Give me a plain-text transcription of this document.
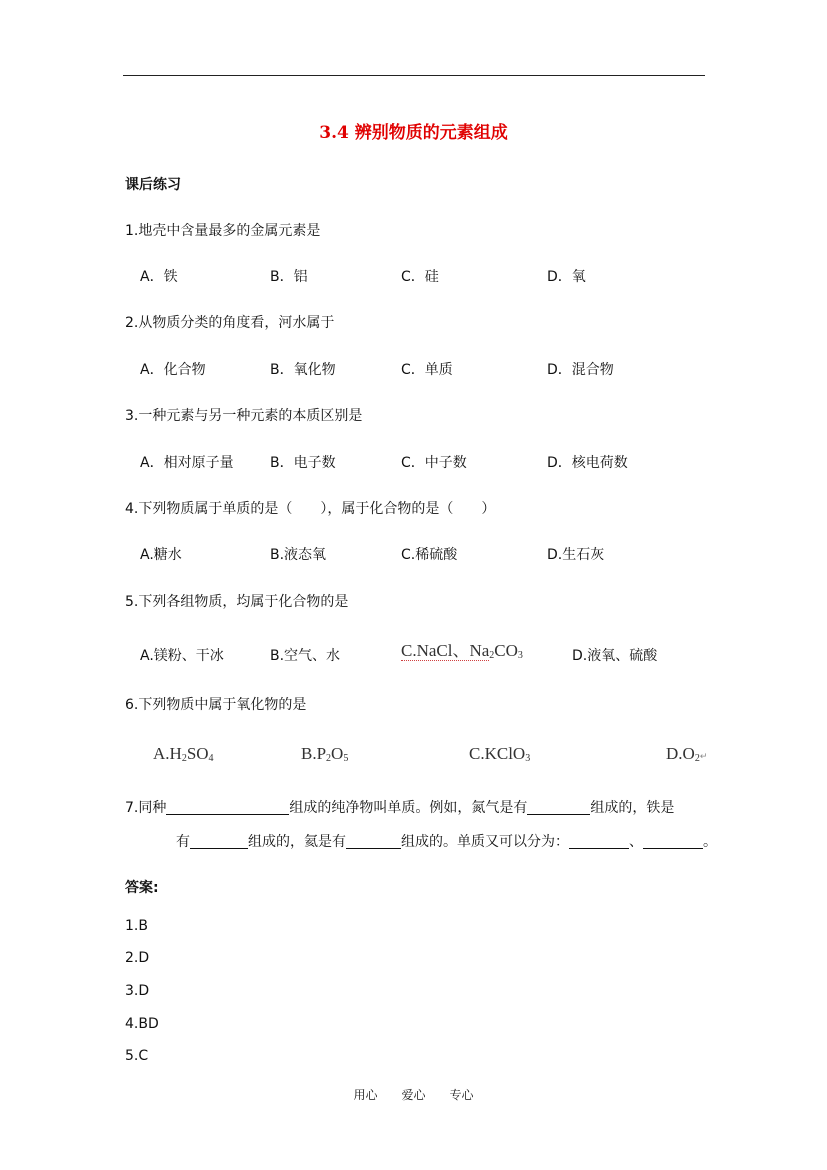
3.4 辨别物质的元素组成
课后练习
1.地壳中含量最多的金属元素是
A．铁	B．铝	C．硅	D．氧
2.从物质分类的角度看，河水属于
A．化合物	B．氧化物	C．单质	D．混合物
3.一种元素与另一种元素的本质区别是
A．相对原子量	B．电子数	C．中子数	D．核电荷数
4.下列物质属于单质的是（　　），属于化合物的是（　　）
A.糖水	B.液态氧	C.稀硫酸	D.生石灰
5.下列各组物质，均属于化合物的是
A.镁粉、干冰	B.空气、水	C.NaCl、$Na_2CO_3$	D.液氧、硫酸
6.下列物质中属于氧化物的是
$A.H_2SO_4$	$B.P_2O_5$	C.KClO$_3$	$D.O_2↵$
7.同种	组成的纯净物叫单质。例如，氮气是有	组成的，铁是
有	组成的，氦是有	组成的。单质又可以分为：	、	。
答案:
1.B
2.D
3.D
4.BD
5.C
用心 爱心 专心
